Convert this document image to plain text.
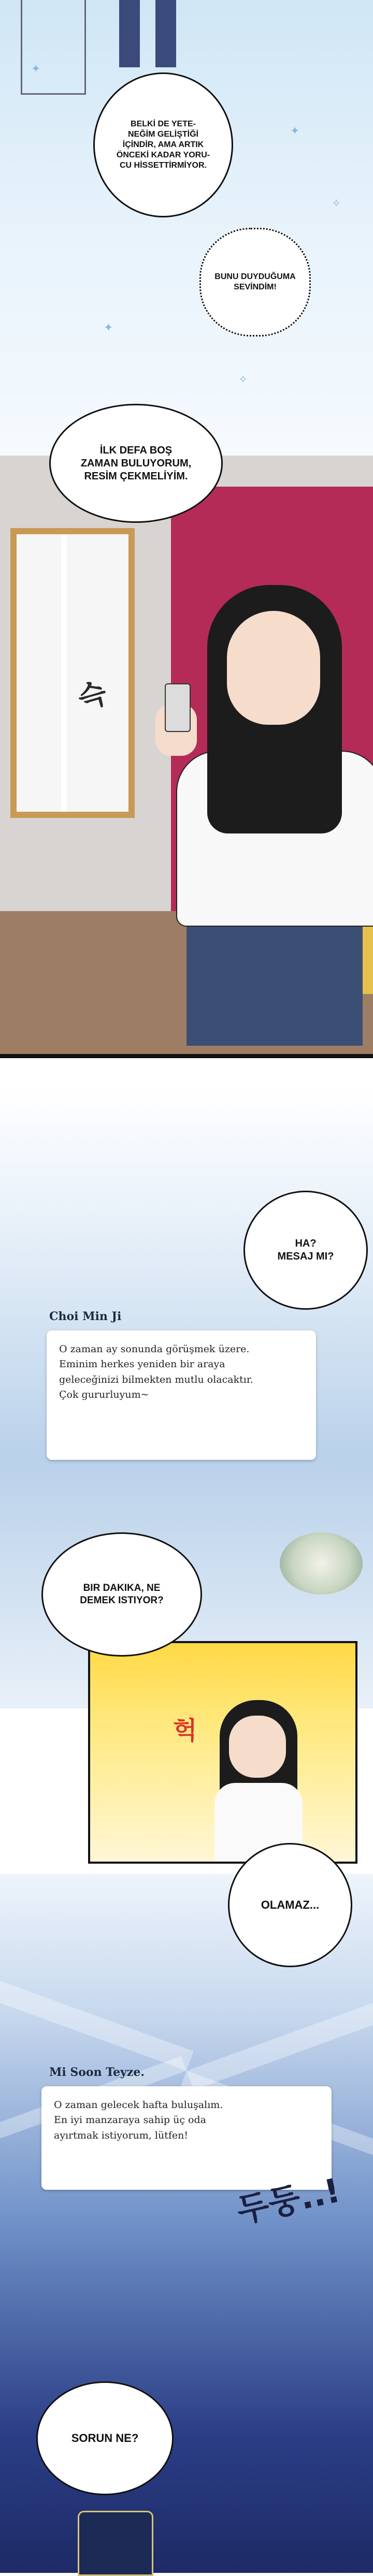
✦
✧
✦
✧
✦
BELKİ DE YETE-
NEĞİM GELİŞTİĞİ
İÇİNDİR, AMA ARTIK
ÖNCEKİ KADAR YORU-
CU HİSSETTİRMİYOR.
BUNU DUYDUĞUMA
SEVİNDİM!
슥
İLK DEFA BOŞ
ZAMAN BULUYORUM,
RESİM ÇEKMELİYİM.
HA?
MESAJ MI?
Choi Min Ji
O zaman ay sonunda görüşmek üzere.
Eminim herkes yeniden bir araya
geleceğinizi bilmekten mutlu olacaktır.
Çok gururluyum~
헉
BIR DAKIKA, NE
DEMEK ISTIYOR?
OLAMAZ...
Mi Soon Teyze.
O zaman gelecek hafta buluşalım.
En iyi manzaraya sahip üç oda
ayırtmak istiyorum, lütfen!
두둥..!
SORUN NE?
